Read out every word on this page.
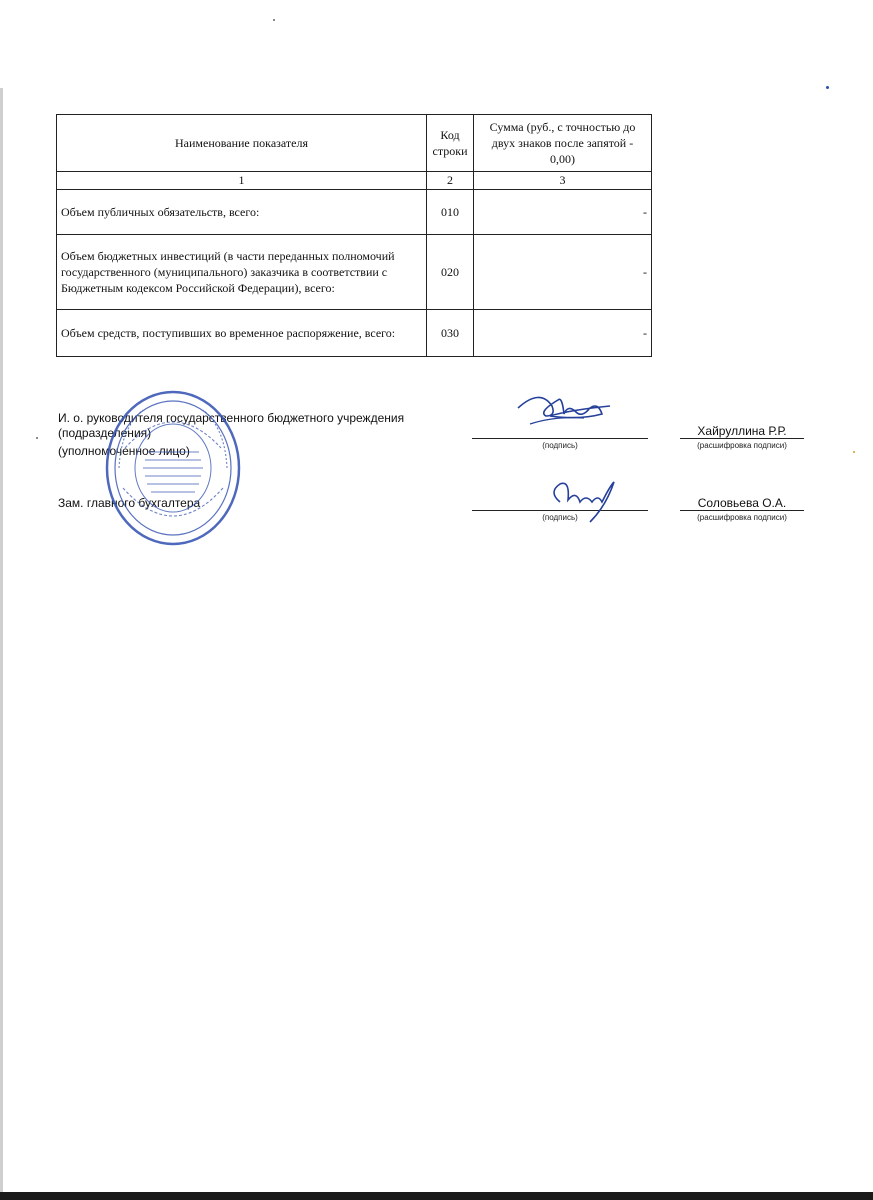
Наименование показателя	Код строки	Сумма (руб., с точностью до двух знаков после запятой - 0,00)
1	2	3
Объем публичных обязательств, всего:	010	-
Объем бюджетных инвестиций (в части переданных полномочий государственного (муниципального) заказчика в соответствии с Бюджетным кодексом Российской Федерации), всего:	020	-
Объем средств, поступивших во временное распоряжение, всего:	030	-
И. о. руководителя государственного бюджетного учреждения
(подразделения)
(уполномоченное лицо)	(подпись)
Хайруллина Р.Р.
(расшифровка подписи)
Зам. главного бухгалтера
(подпись)
Соловьева О.А.
(расшифровка подписи)
